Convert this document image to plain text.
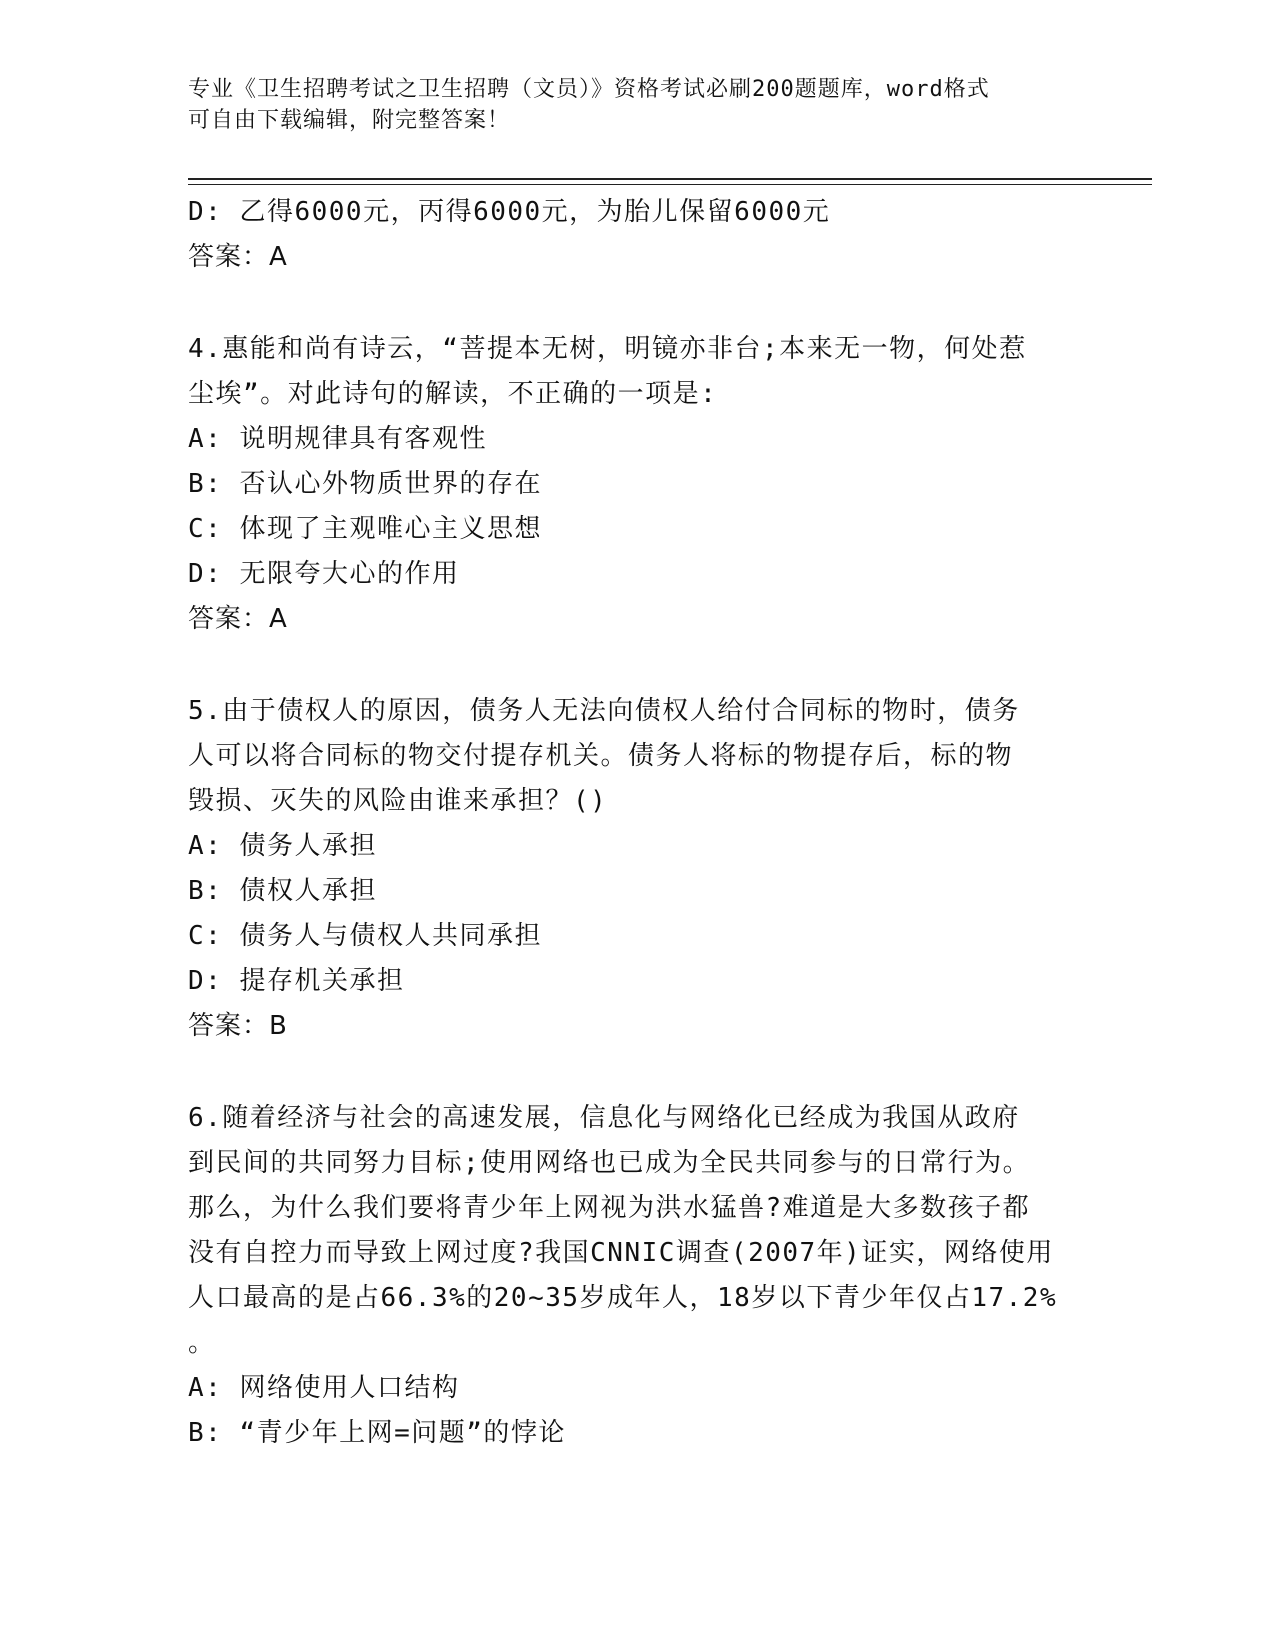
专业《卫生招聘考试之卫生招聘（文员）》资格考试必刷200题题库，word格式
可自由下载编辑，附完整答案！
D: 乙得6000元，丙得6000元，为胎儿保留6000元
答案：A
4.惠能和尚有诗云，“菩提本无树，明镜亦非台;本来无一物，何处惹
尘埃”。对此诗句的解读，不正确的一项是:
A: 说明规律具有客观性
B: 否认心外物质世界的存在
C: 体现了主观唯心主义思想
D: 无限夸大心的作用
答案：A
5.由于债权人的原因，债务人无法向债权人给付合同标的物时，债务
人可以将合同标的物交付提存机关。债务人将标的物提存后，标的物
毁损、灭失的风险由谁来承担？()
A: 债务人承担
B: 债权人承担
C: 债务人与债权人共同承担
D: 提存机关承担
答案：B
6.随着经济与社会的高速发展，信息化与网络化已经成为我国从政府
到民间的共同努力目标;使用网络也已成为全民共同参与的日常行为。
那么，为什么我们要将青少年上网视为洪水猛兽?难道是大多数孩子都
没有自控力而导致上网过度?我国CNNIC调查(2007年)证实，网络使用
人口最高的是占66.3%的20~35岁成年人，18岁以下青少年仅占17.2%
。
A: 网络使用人口结构
B: “青少年上网=问题”的悖论
